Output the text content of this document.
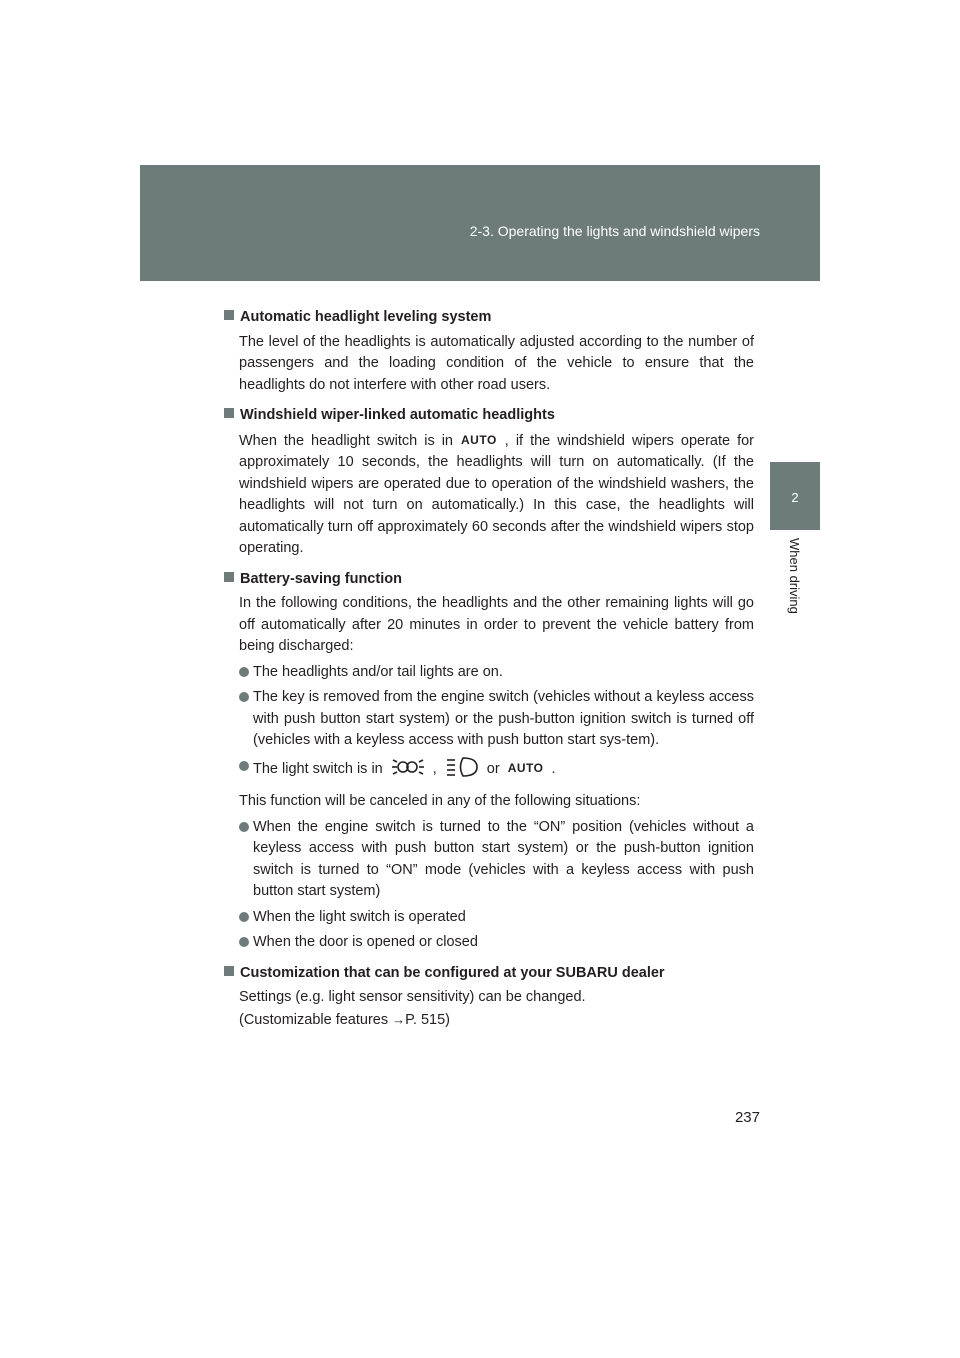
2-3. Operating the lights and windshield wipers
2
When driving

Automatic headlight leveling system

The level of the headlights is automatically adjusted according to the number of passengers and the loading condition of the vehicle to ensure that the headlights do not interfere with other road users.

Windshield wiper-linked automatic headlights

When the headlight switch is in AUTO , if the windshield wipers operate for approximately 10 seconds, the headlights will turn on automatically. (If the windshield wipers are operated due to operation of the windshield washers, the headlights will not turn on automatically.) In this case, the headlights will automatically turn off approximately 60 seconds after the windshield wipers stop operating.

Battery-saving function

In the following conditions, the headlights and the other remaining lights will go off automatically after 20 minutes in order to prevent the vehicle battery from being discharged:

The headlights and/or tail lights are on.
The key is removed from the engine switch (vehicles without a keyless access with push button start system) or the push-button ignition switch is turned off (vehicles with a keyless access with push button start sys-tem).
The light switch is in	,	or AUTO .

This function will be canceled in any of the following situations:

When the engine switch is turned to the “ON” position (vehicles without a keyless access with push button start system) or the push-button ignition switch is turned to “ON” mode (vehicles with a keyless access with push button start system)
When the light switch is operated
When the door is opened or closed

Customization that can be configured at your SUBARU dealer

Settings (e.g. light sensor sensitivity) can be changed.

(Customizable features →P. 515)

237
